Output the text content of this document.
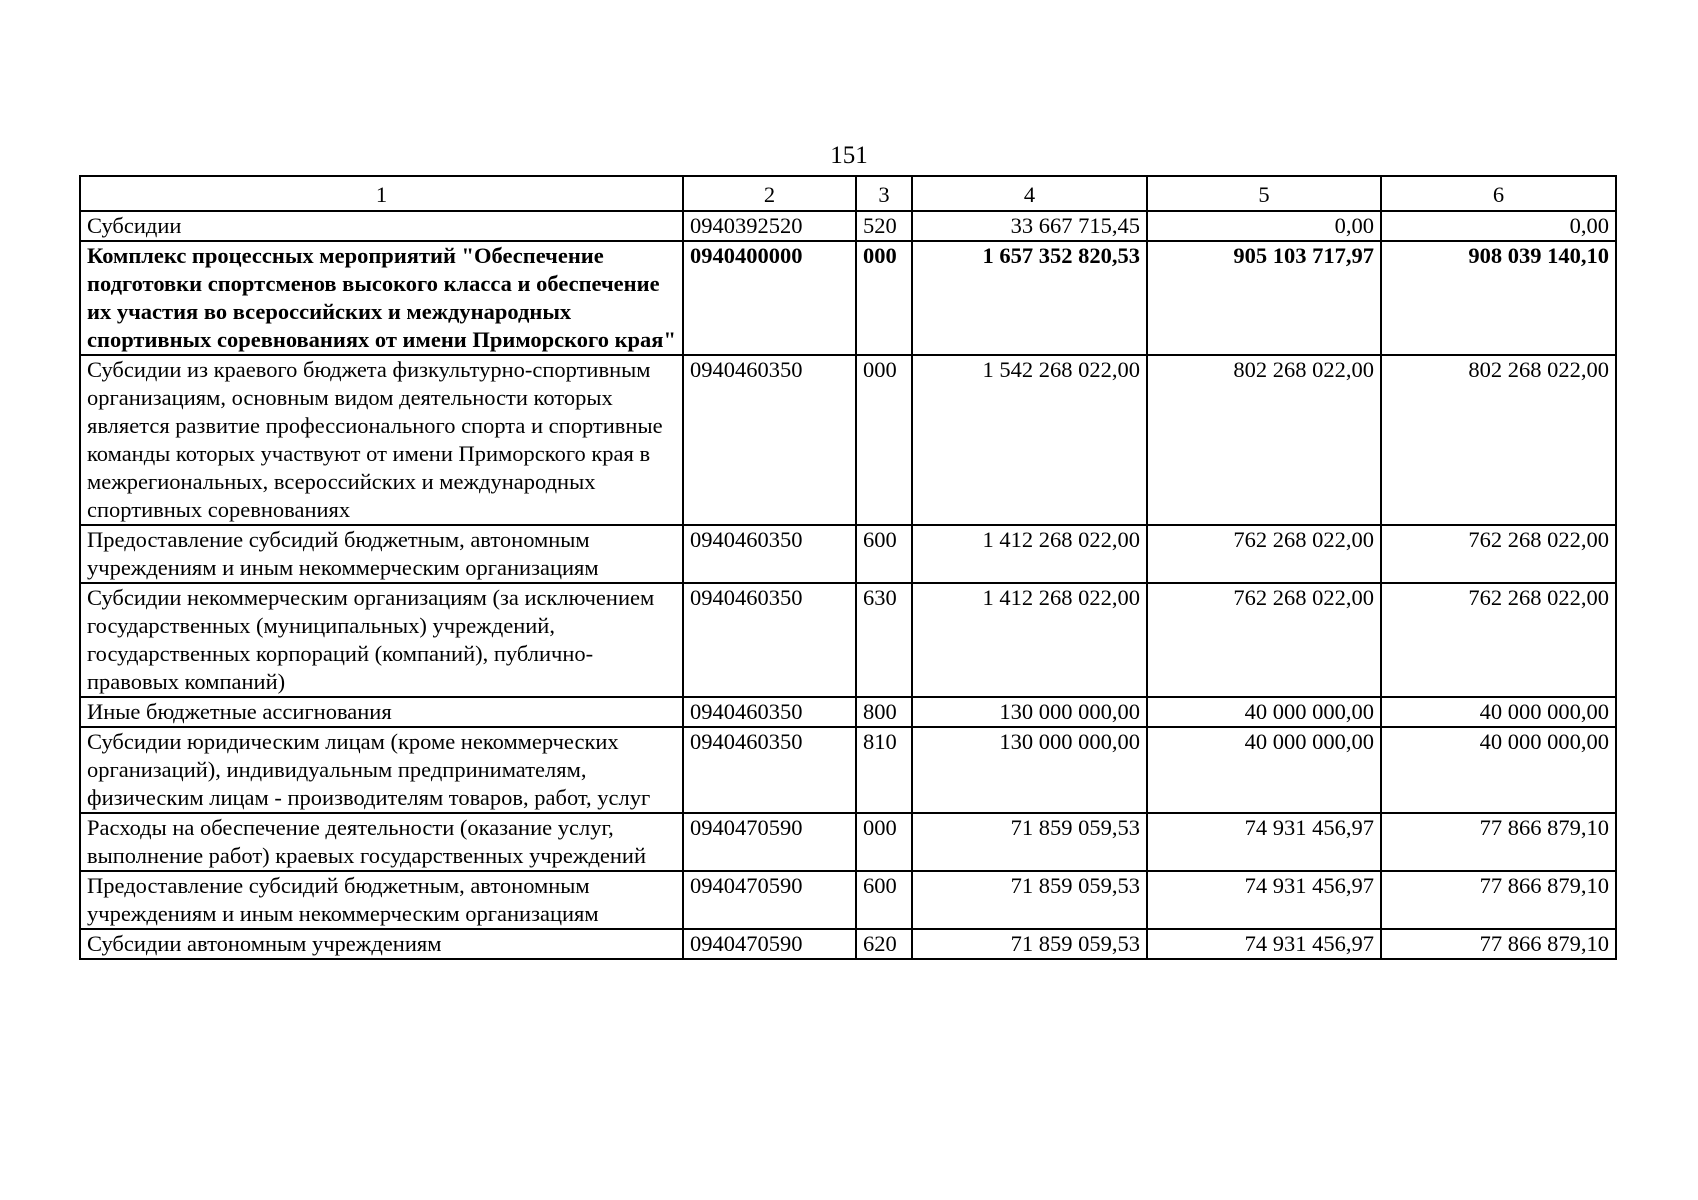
151
1	2	3	4	5	6
Субсидии	0940392520	520	33 667 715,45	0,00	0,00
Комплекс процессных мероприятий "Обеспечение подготовки спортсменов высокого класса и обеспечение их участия во всероссийских и международных спортивных соревнованиях от имени Приморского края"	0940400000	000	1 657 352 820,53	905 103 717,97	908 039 140,10
Субсидии из краевого бюджета физкультурно-спортивным организациям, основным видом деятельности которых является развитие профессионального спорта и спортивные команды которых участвуют от имени Приморского края в межрегиональных, всероссийских и международных спортивных соревнованиях	0940460350	000	1 542 268 022,00	802 268 022,00	802 268 022,00
Предоставление субсидий бюджетным, автономным учреждениям и иным некоммерческим организациям	0940460350	600	1 412 268 022,00	762 268 022,00	762 268 022,00
Субсидии некоммерческим организациям (за исключением государственных (муниципальных) учреждений, государственных корпораций (компаний), публично-правовых компаний)	0940460350	630	1 412 268 022,00	762 268 022,00	762 268 022,00
Иные бюджетные ассигнования	0940460350	800	130 000 000,00	40 000 000,00	40 000 000,00
Субсидии юридическим лицам (кроме некоммерческих организаций), индивидуальным предпринимателям, физическим лицам - производителям товаров, работ, услуг	0940460350	810	130 000 000,00	40 000 000,00	40 000 000,00
Расходы на обеспечение деятельности (оказание услуг, выполнение работ) краевых государственных учреждений	0940470590	000	71 859 059,53	74 931 456,97	77 866 879,10
Предоставление субсидий бюджетным, автономным учреждениям и иным некоммерческим организациям	0940470590	600	71 859 059,53	74 931 456,97	77 866 879,10
Субсидии автономным учреждениям	0940470590	620	71 859 059,53	74 931 456,97	77 866 879,10
